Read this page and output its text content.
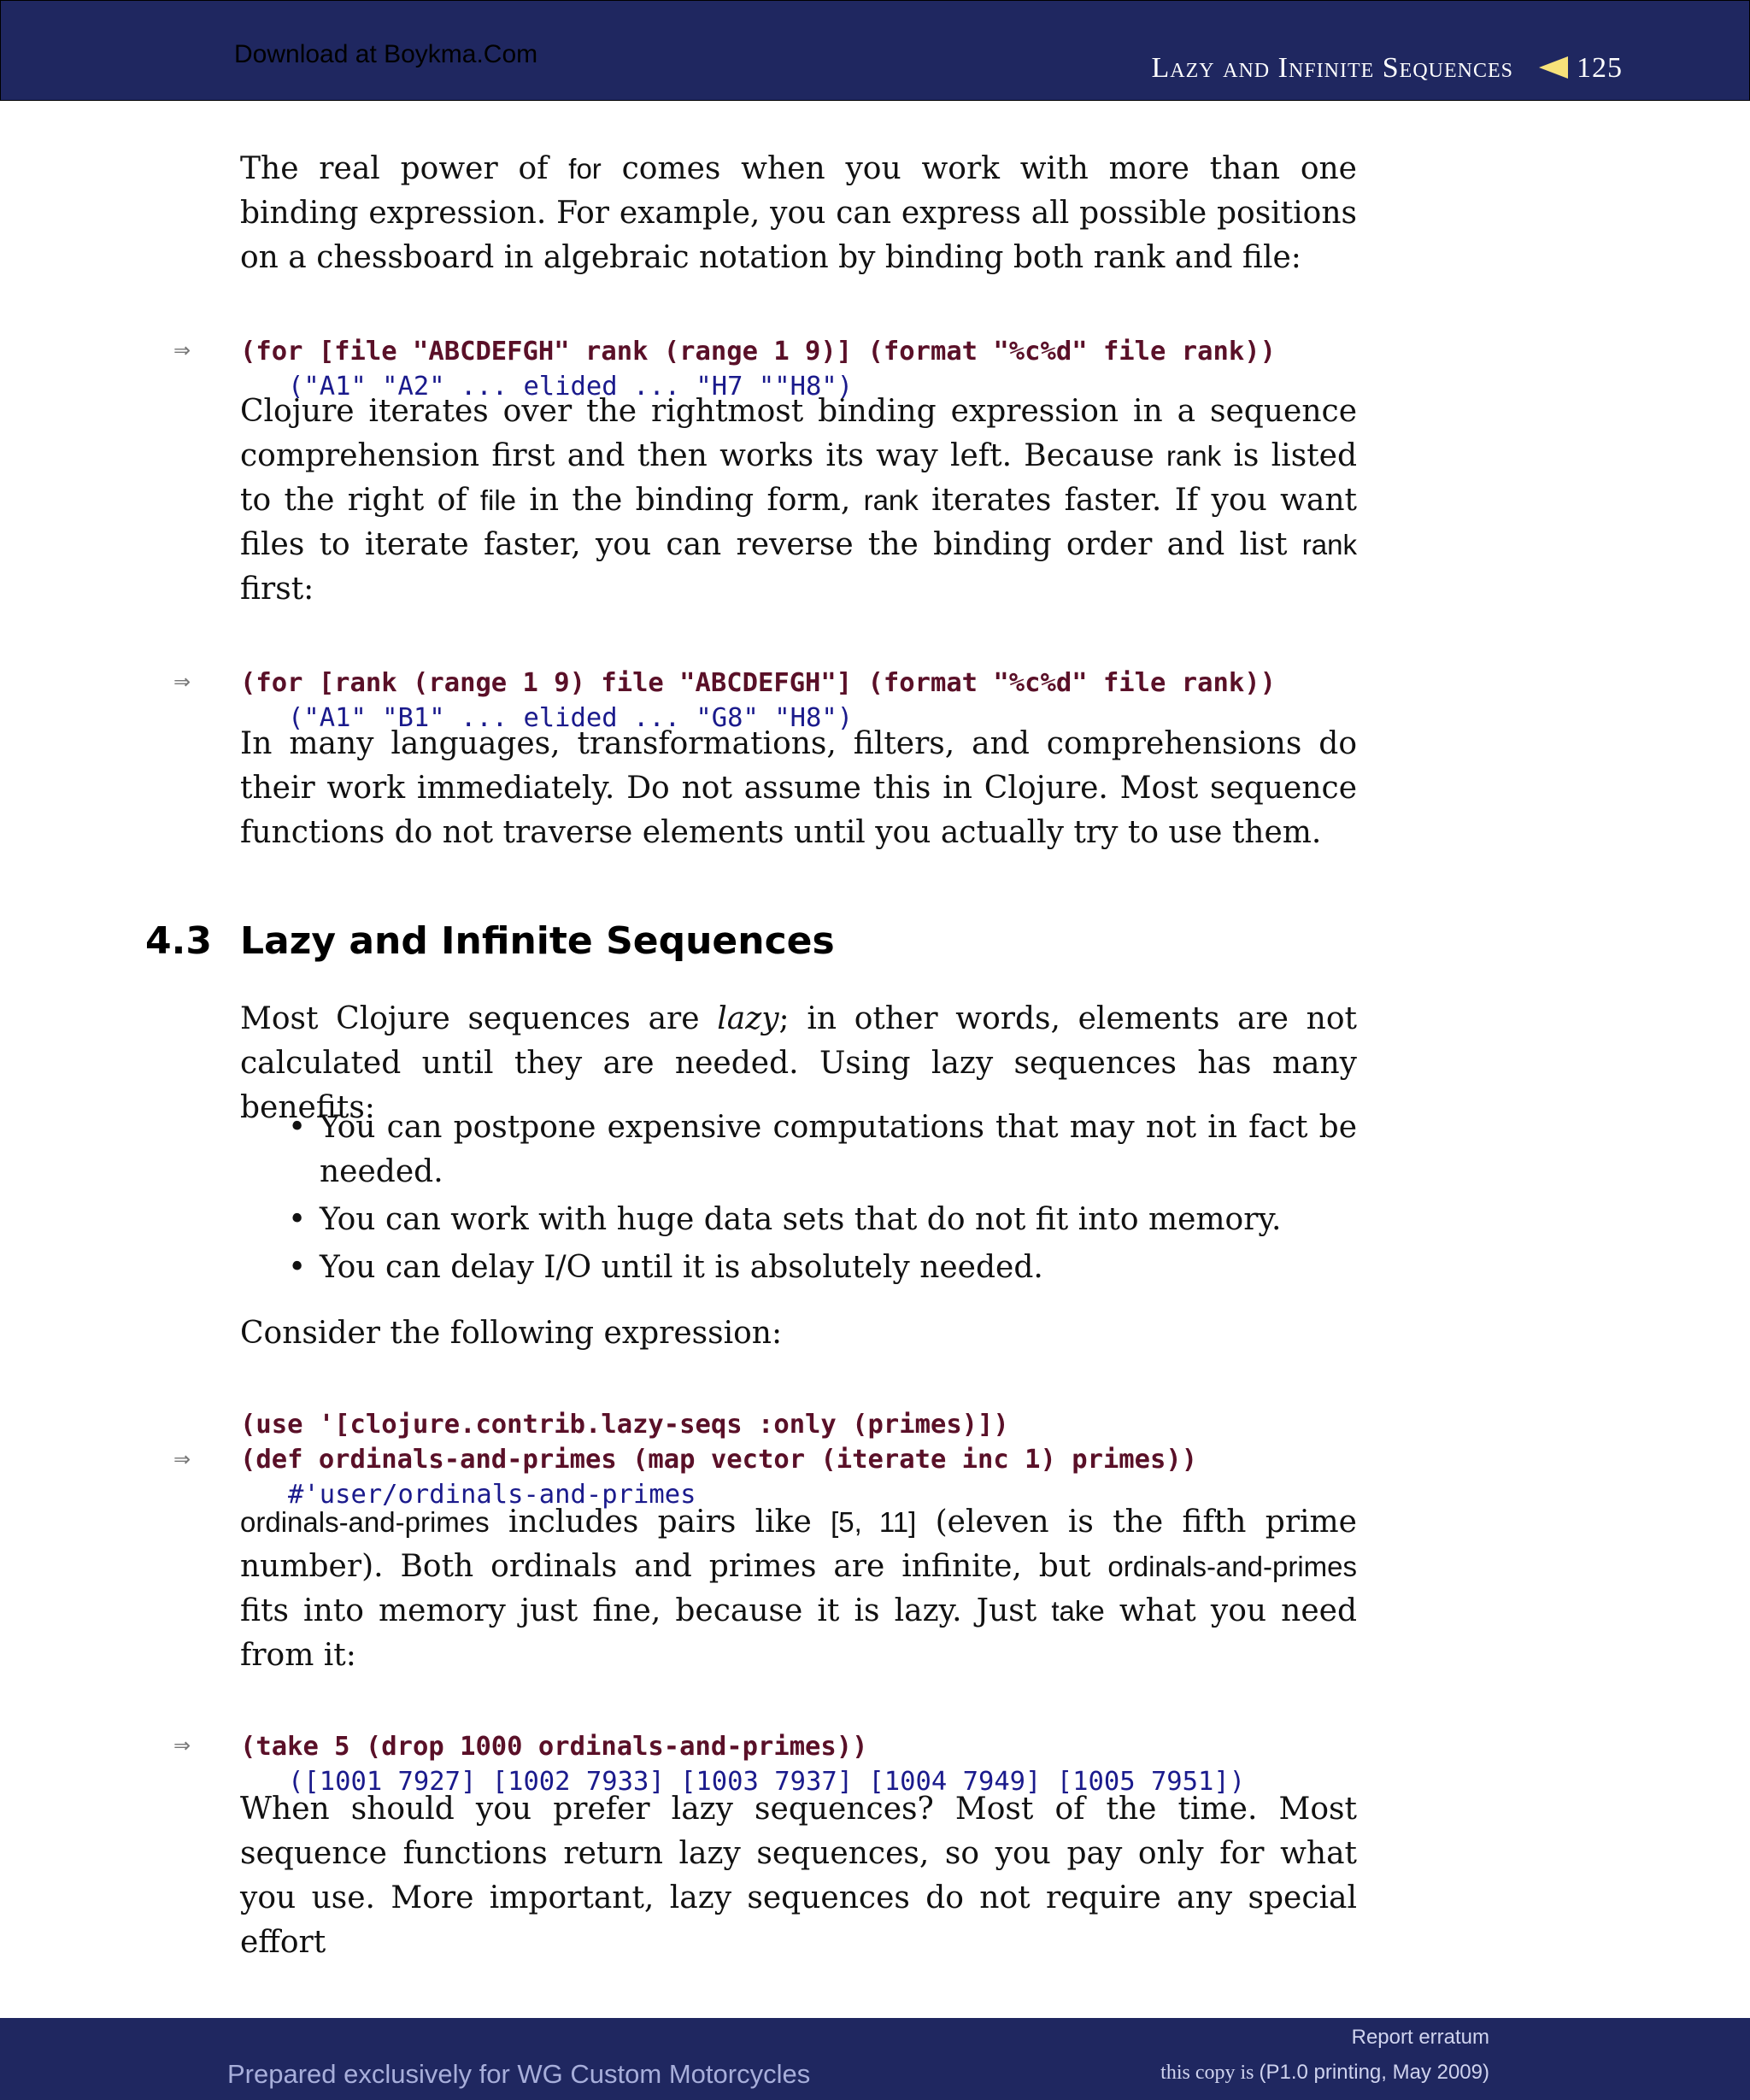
Download at Boykma.Com	Lazy and Infinite Sequences 125

The real power of for comes when you work with more than one binding expression. For example, you can express all possible positions on a chessboard in algebraic notation by binding both rank and file:

(for [file "ABCDEFGH" rank (range 1 9)] (format "%c%d" file rank))
("A1" "A2" ... elided ... "H7 ""H8")
⇒

Clojure iterates over the rightmost binding expression in a sequence comprehension first and then works its way left. Because rank is listed to the right of file in the binding form, rank iterates faster. If you want files to iterate faster, you can reverse the binding order and list rank first:

(for [rank (range 1 9) file "ABCDEFGH"] (format "%c%d" file rank))
("A1" "B1" ... elided ... "G8" "H8")
⇒

In many languages, transformations, filters, and comprehensions do their work immediately. Do not assume this in Clojure. Most sequence functions do not traverse elements until you actually try to use them.

4.3 Lazy and Infinite Sequences

Most Clojure sequences are lazy; in other words, elements are not calculated until they are needed. Using lazy sequences has many benefits:

• You can postpone expensive computations that may not in fact be needed.
• You can work with huge data sets that do not fit into memory.
• You can delay I/O until it is absolutely needed.

Consider the following expression:

(use '[clojure.contrib.lazy-seqs :only (primes)])
(def ordinals-and-primes (map vector (iterate inc 1) primes))
#'user/ordinals-and-primes
⇒

ordinals-and-primes includes pairs like [5, 11] (eleven is the fifth prime number). Both ordinals and primes are infinite, but ordinals-and-primes fits into memory just fine, because it is lazy. Just take what you need from it:

(take 5 (drop 1000 ordinals-and-primes))
([1001 7927] [1002 7933] [1003 7937] [1004 7949] [1005 7951])
⇒

When should you prefer lazy sequences? Most of the time. Most sequence functions return lazy sequences, so you pay only for what you use. More important, lazy sequences do not require any special effort

Prepared exclusively for WG Custom Motorcycles
Report erratum
this copy is (P1.0 printing, May 2009)
